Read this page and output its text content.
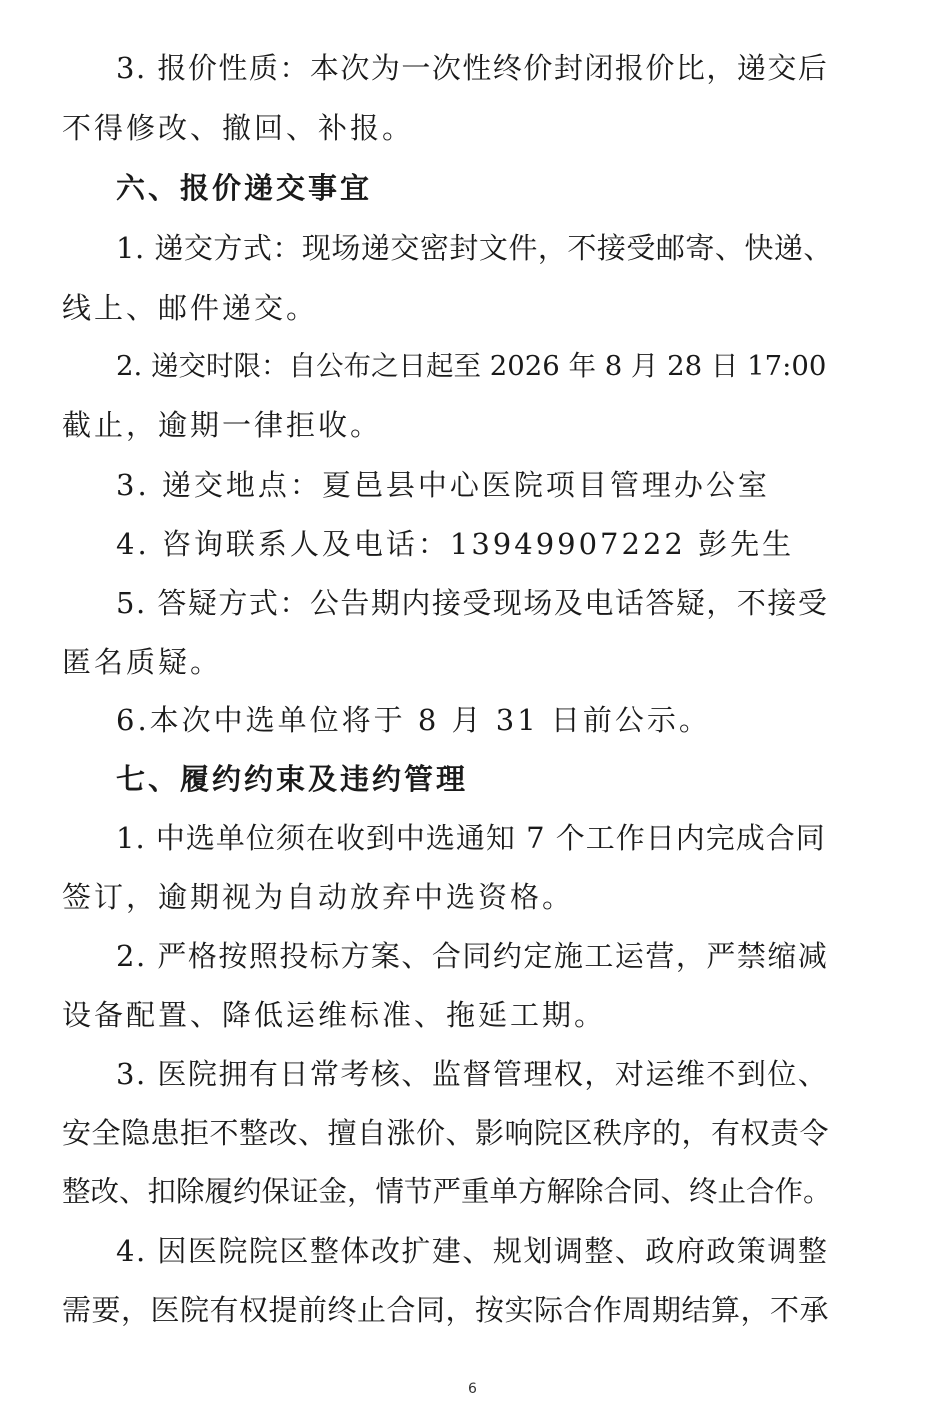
3. 报价性质：本次为一次性终价封闭报价比，递交后
不得修改、撤回、补报。
六、报价递交事宜
1. 递交方式：现场递交密封文件，不接受邮寄、快递、
线上、邮件递交。
2. 递交时限：自公布之日起至 2026 年 8 月 28 日 17:00
截止，逾期一律拒收。
3. 递交地点：夏邑县中心医院项目管理办公室
4. 咨询联系人及电话：13949907222 彭先生
5. 答疑方式：公告期内接受现场及电话答疑，不接受
匿名质疑。
6.本次中选单位将于 8 月 31 日前公示。
七、履约约束及违约管理
1. 中选单位须在收到中选通知 7 个工作日内完成合同
签订，逾期视为自动放弃中选资格。
2. 严格按照投标方案、合同约定施工运营，严禁缩减
设备配置、降低运维标准、拖延工期。
3. 医院拥有日常考核、监督管理权，对运维不到位、
安全隐患拒不整改、擅自涨价、影响院区秩序的，有权责令
整改、扣除履约保证金，情节严重单方解除合同、终止合作。
4. 因医院院区整体改扩建、规划调整、政府政策调整
需要，医院有权提前终止合同，按实际合作周期结算，不承
6
